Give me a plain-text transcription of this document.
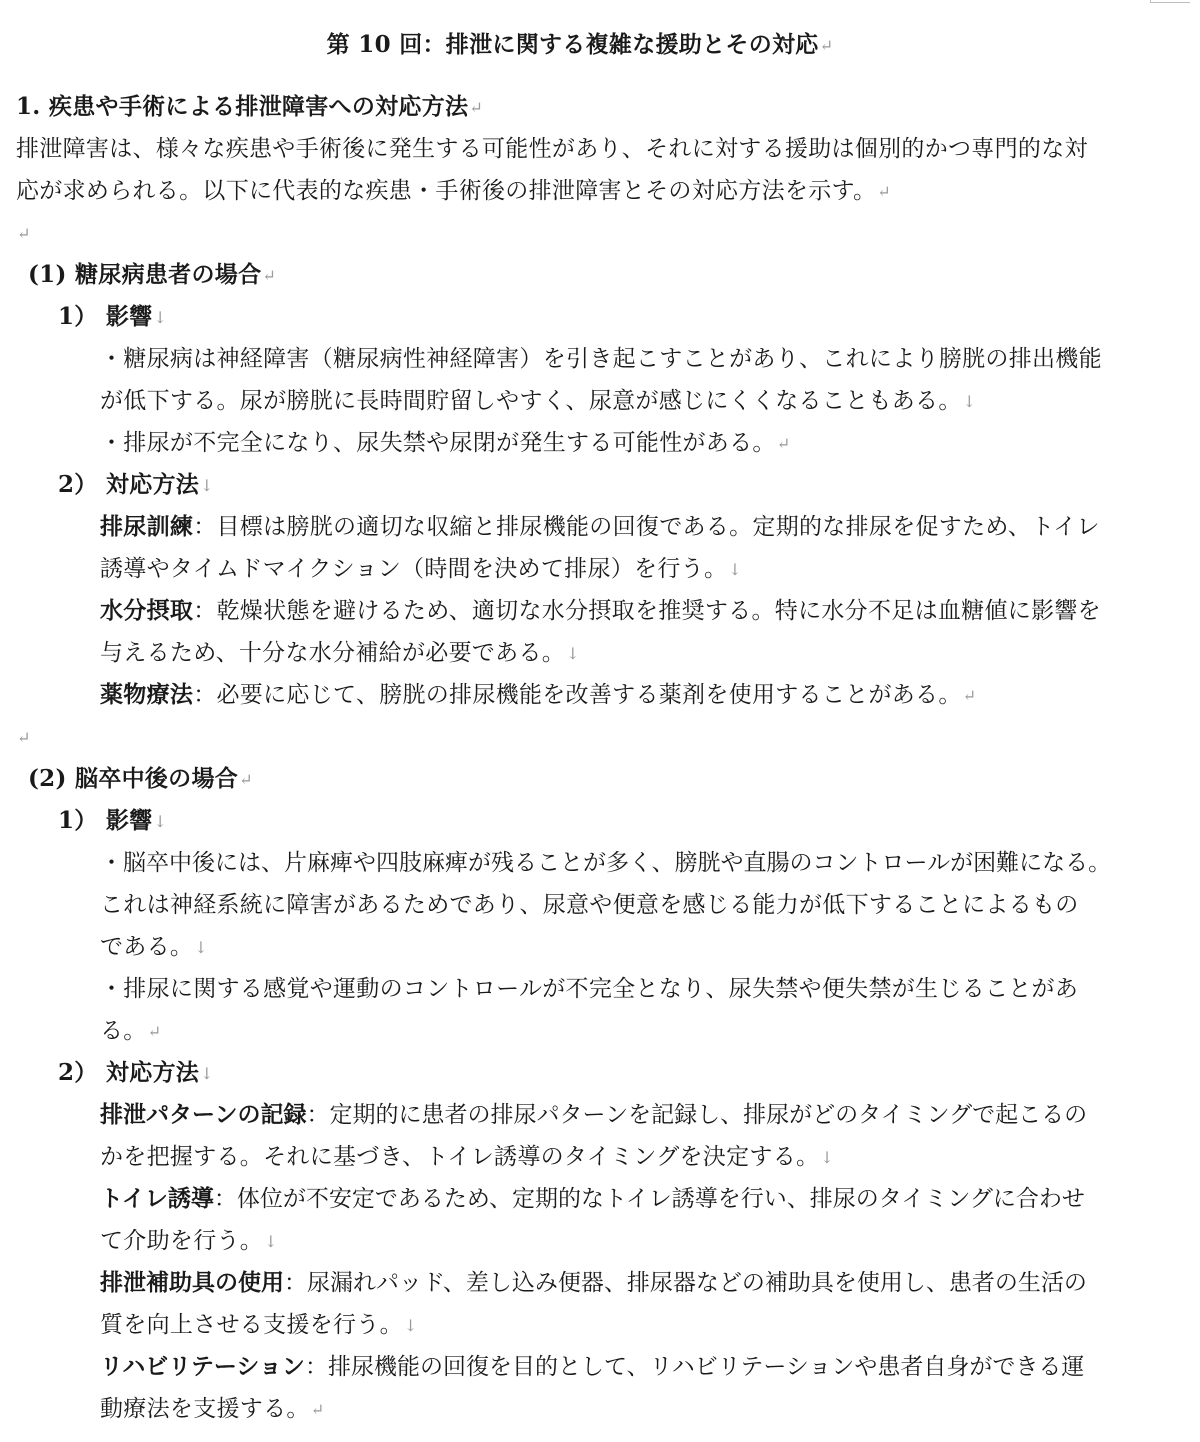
第 10 回：排泄に関する複雑な援助とその対応↵
1. 疾患や手術による排泄障害への対応方法↵
排泄障害は、様々な疾患や手術後に発生する可能性があり、それに対する援助は個別的かつ専門的な対
応が求められる。以下に代表的な疾患・手術後の排泄障害とその対応方法を示す。↵
↵
(1) 糖尿病患者の場合↵
1） 影響↓
・糖尿病は神経障害（糖尿病性神経障害）を引き起こすことがあり、これにより膀胱の排出機能
が低下する。尿が膀胱に長時間貯留しやすく、尿意が感じにくくなることもある。↓
・排尿が不完全になり、尿失禁や尿閉が発生する可能性がある。↵
2） 対応方法↓
排尿訓練：目標は膀胱の適切な収縮と排尿機能の回復である。定期的な排尿を促すため、トイレ
誘導やタイムドマイクション（時間を決めて排尿）を行う。↓
水分摂取：乾燥状態を避けるため、適切な水分摂取を推奨する。特に水分不足は血糖値に影響を
与えるため、十分な水分補給が必要である。↓
薬物療法：必要に応じて、膀胱の排尿機能を改善する薬剤を使用することがある。↵
↵
(2) 脳卒中後の場合↵
1） 影響↓
・脳卒中後には、片麻痺や四肢麻痺が残ることが多く、膀胱や直腸のコントロールが困難になる。
これは神経系統に障害があるためであり、尿意や便意を感じる能力が低下することによるもの
である。↓
・排尿に関する感覚や運動のコントロールが不完全となり、尿失禁や便失禁が生じることがあ
る。↵
2） 対応方法↓
排泄パターンの記録：定期的に患者の排尿パターンを記録し、排尿がどのタイミングで起こるの
かを把握する。それに基づき、トイレ誘導のタイミングを決定する。↓
トイレ誘導：体位が不安定であるため、定期的なトイレ誘導を行い、排尿のタイミングに合わせ
て介助を行う。↓
排泄補助具の使用：尿漏れパッド、差し込み便器、排尿器などの補助具を使用し、患者の生活の
質を向上させる支援を行う。↓
リハビリテーション：排尿機能の回復を目的として、リハビリテーションや患者自身ができる運
動療法を支援する。↵
